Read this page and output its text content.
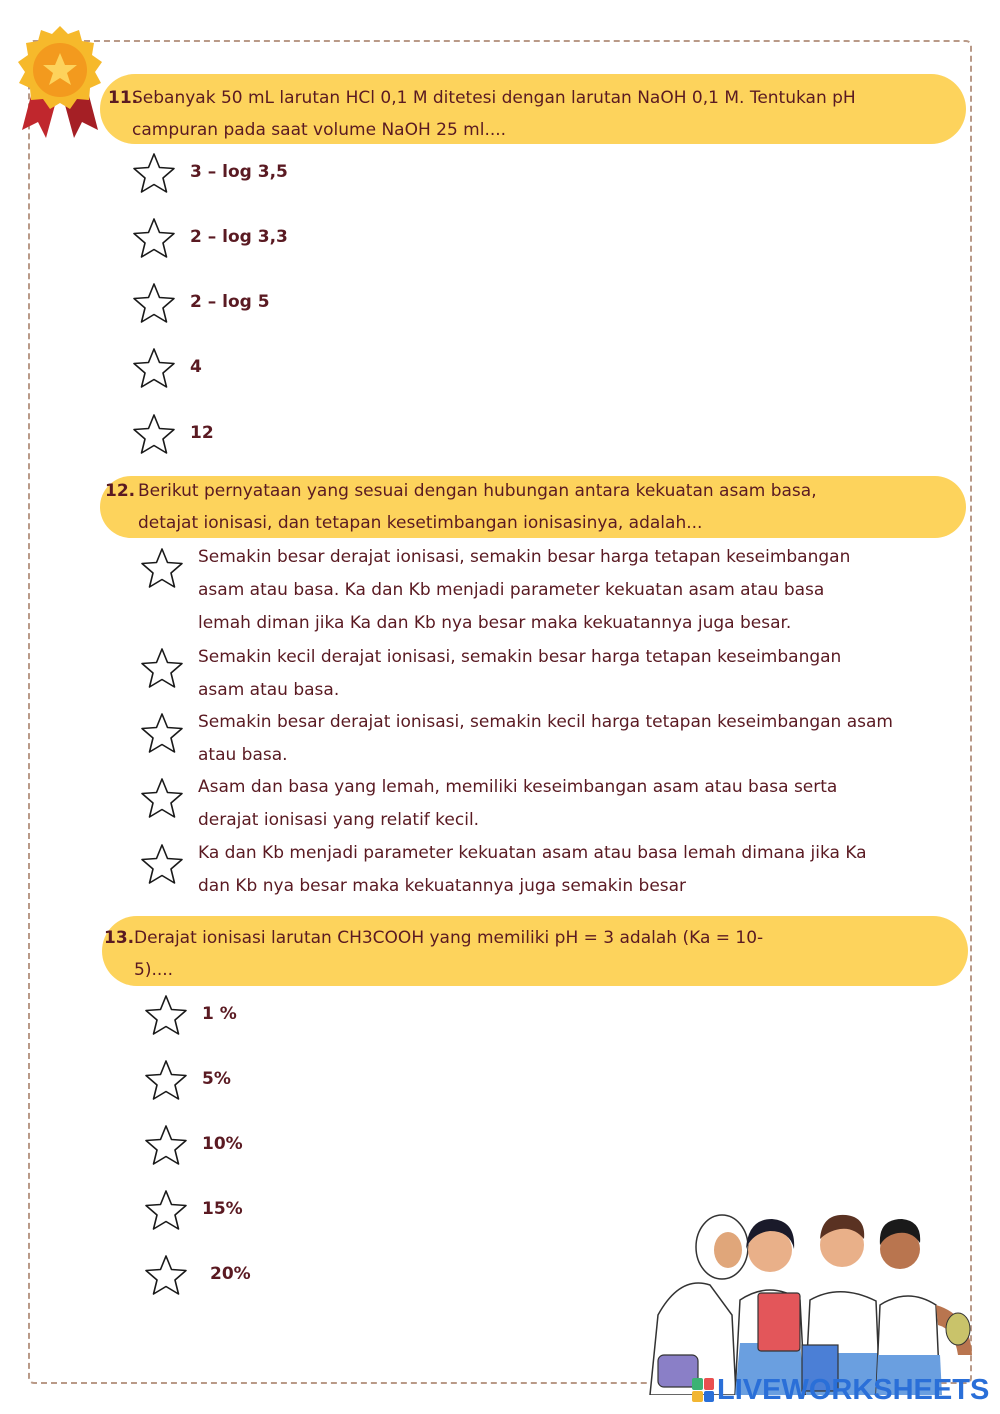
11.
Sebanyak 50 mL larutan HCl 0,1 M ditetesi dengan larutan NaOH 0,1 M. Tentukan pH
campuran pada saat volume NaOH 25 ml....
3 – log 3,5
2 – log 3,3
2 – log 5
4
12
12. Berikut pernyataan yang sesuai dengan hubungan antara kekuatan asam basa,
detajat ionisasi, dan tetapan kesetimbangan ionisasinya, adalah...
Semakin besar derajat ionisasi, semakin besar harga tetapan keseimbangan
asam atau basa. Ka dan Kb menjadi parameter kekuatan asam atau basa
lemah diman jika Ka dan Kb nya besar maka kekuatannya juga besar.
Semakin kecil derajat ionisasi, semakin besar harga tetapan keseimbangan
asam atau basa.
Semakin besar derajat ionisasi, semakin kecil harga tetapan keseimbangan asam
atau basa.
Asam dan basa yang lemah, memiliki keseimbangan asam atau basa serta
derajat ionisasi yang relatif kecil.
Ka dan Kb menjadi parameter kekuatan asam atau basa lemah dimana jika Ka
dan Kb nya besar maka kekuatannya juga semakin besar
13. Derajat ionisasi larutan CH3COOH yang memiliki pH = 3 adalah (Ka = 10-
5)....
1 %
5%
10%
15%
20%
LIVEWORKSHEETS
